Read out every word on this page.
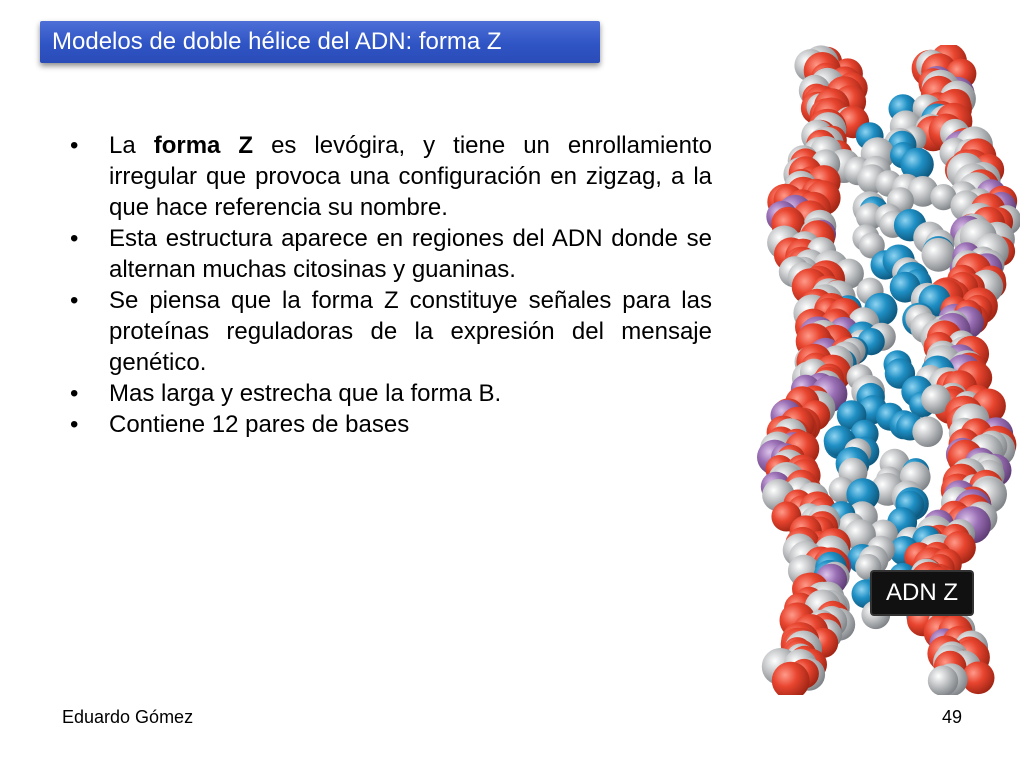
Modelos de doble hélice del ADN: forma Z
•	La forma Z es levógira, y tiene un enrollamiento irregular que provoca una configuración en zigzag, a la que hace referencia su nombre.
•	Esta estructura aparece en regiones del ADN donde se alternan muchas citosinas y guaninas.
•	Se piensa que la forma Z constituye señales para las proteínas reguladoras de la expresión del mensaje genético.
•	Mas larga y estrecha que la forma B.
•	Contiene 12 pares de bases
ADN Z
Eduardo Gómez	49
